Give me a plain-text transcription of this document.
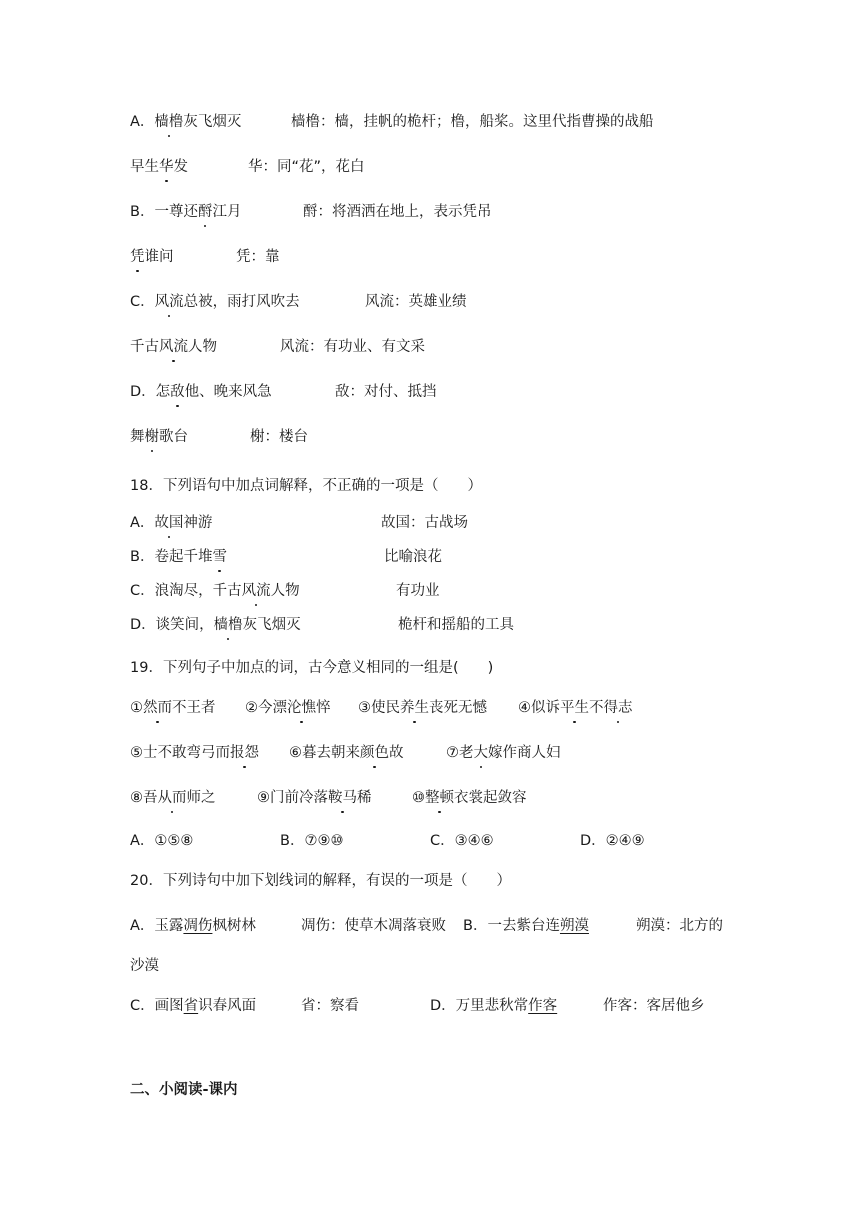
A．樯橹灰飞烟灭	樯橹：樯，挂帆的桅杆；橹，船桨。这里代指曹操的战船
早生华发	华：同“花”，花白
B．一尊还酹江月	酹：将酒洒在地上，表示凭吊
凭谁问	凭：靠
C．风流总被，雨打风吹去	风流：英雄业绩
千古风流人物	风流：有功业、有文采
D．怎敌他、晚来风急	敌：对付、抵挡
舞榭歌台	榭：楼台
18．下列语句中加点词解释，不正确的一项是（　　）
A．故国神游	故国：古战场
B．卷起千堆雪	比喻浪花
C．浪淘尽，千古风流人物	有功业
D．谈笑间，樯橹灰飞烟灭	桅杆和摇船的工具
19．下列句子中加点的词，古今意义相同的一组是(　　)
①然而不王者 ②今漂沦憔悴 ③使民养生丧死无憾 ④似诉平生不得志
⑤士不敢弯弓而报怨 ⑥暮去朝来颜色故	⑦老大嫁作商人妇
⑧吾从而师之	⑨门前冷落鞍马稀	⑩整顿衣裳起敛容
A．①⑤⑧	B．⑦⑨⑩	C．③④⑥	D．②④⑨
20．下列诗句中加下划线词的解释，有误的一项是（　　）
A．玉露凋伤枫树林	凋伤：使草木凋落衰败 B．一去紫台连朔漠	朔漠：北方的
沙漠
C．画图省识春风面	省：察看	D．万里悲秋常作客	作客：客居他乡
二、小阅读-课内
